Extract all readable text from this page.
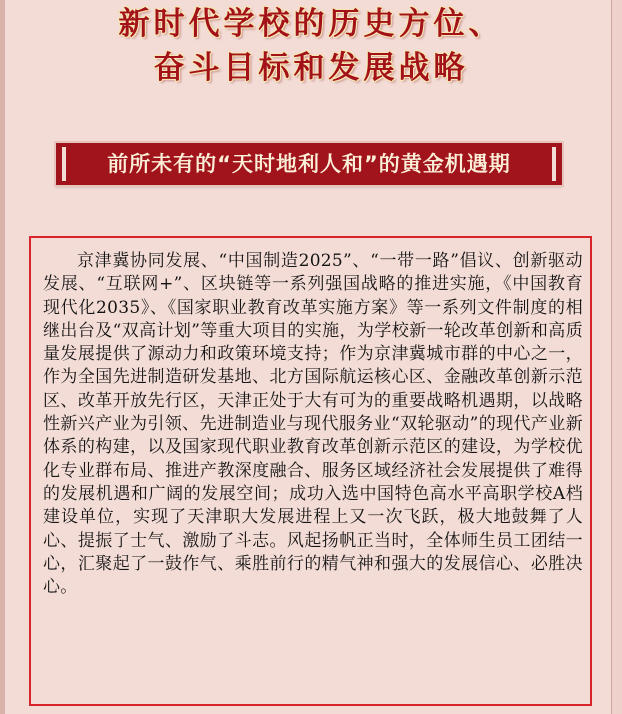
新时代学校的历史方位、
奋斗目标和发展战略
前所未有的“天时地利人和”的黄金机遇期

京津冀协同发展、“中国制造2025”、“一带一路”倡议、创新驱动发展、“互联网+”、区块链等一系列强国战略的推进实施，《中国教育现代化2035》、《国家职业教育改革实施方案》等一系列文件制度的相继出台及“双高计划”等重大项目的实施，为学校新一轮改革创新和高质量发展提供了源动力和政策环境支持；作为京津冀城市群的中心之一，作为全国先进制造研发基地、北方国际航运核心区、金融改革创新示范区、改革开放先行区，天津正处于大有可为的重要战略机遇期，以战略性新兴产业为引领、先进制造业与现代服务业“双轮驱动”的现代产业新体系的构建，以及国家现代职业教育改革创新示范区的建设，为学校优化专业群布局、推进产教深度融合、服务区域经济社会发展提供了难得的发展机遇和广阔的发展空间；成功入选中国特色高水平高职学校A档建设单位，实现了天津职大发展进程上又一次飞跃，极大地鼓舞了人心、提振了士气、激励了斗志。风起扬帆正当时，全体师生员工团结一心，汇聚起了一鼓作气、乘胜前行的精气神和强大的发展信心、必胜决心。
